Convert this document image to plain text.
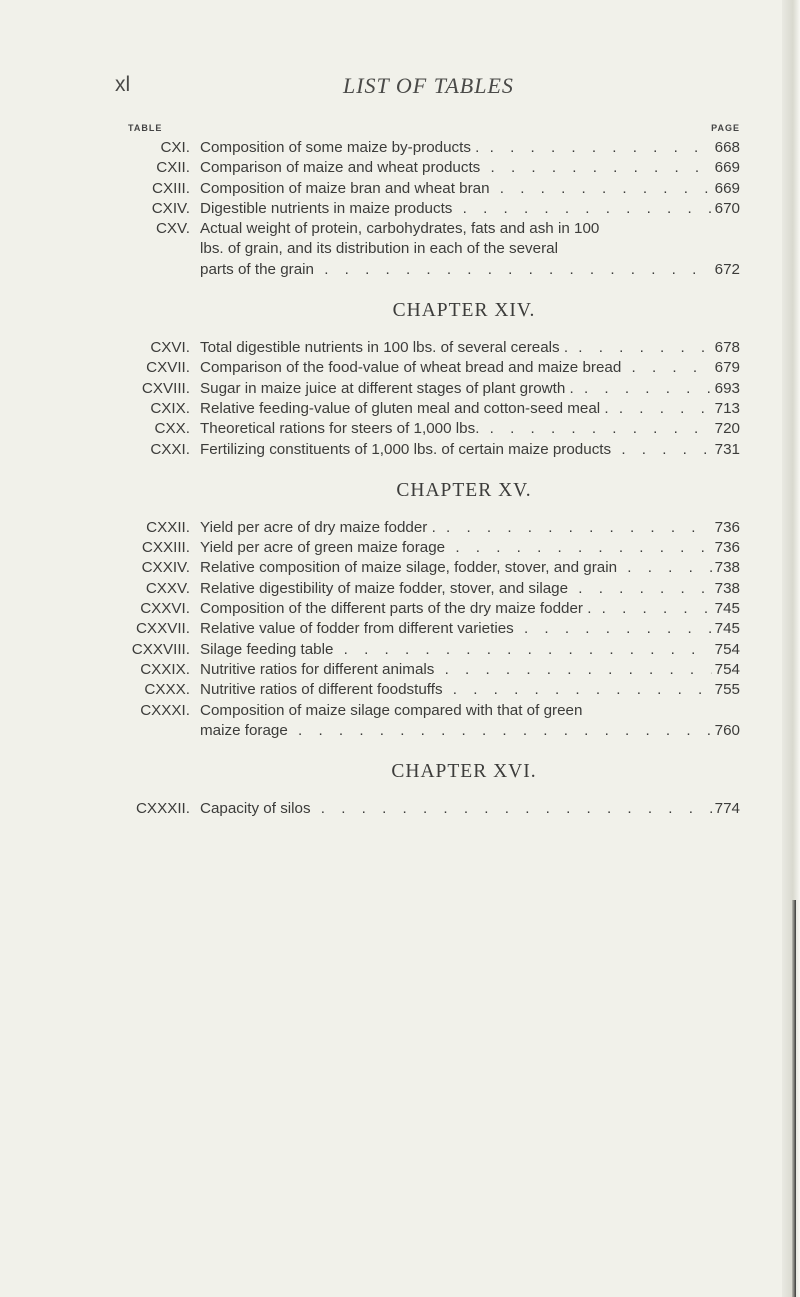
xl	LIST OF TABLES
TABLE	PAGE
CXI. Composition of some maize by-products . . . .	668
CXII. Comparison of maize and wheat products . . .	669
CXIII. Composition of maize bran and wheat bran . . .	669
CXIV. Digestible nutrients in maize products . . .	670
CXV. Actual weight of protein, carbohydrates, fats and ash in 100
lbs. of grain, and its distribution in each of the several
parts of the grain . . .	672
CHAPTER XIV.
CXVI. Total digestible nutrients in 100 lbs. of several cereals . . . .	678
CXVII. Comparison of the food-value of wheat bread and maize bread . . .	679
CXVIII. Sugar in maize juice at different stages of plant growth . . . .	693
CXIX. Relative feeding-value of gluten meal and cotton-seed meal . . . .	713
CXX. Theoretical rations for steers of 1,000 lbs. . . .	720
CXXI. Fertilizing constituents of 1,000 lbs. of certain maize products . . .	731
CHAPTER XV.
CXXII. Yield per acre of dry maize fodder . . . .	736
CXXIII. Yield per acre of green maize forage . . .	736
CXXIV. Relative composition of maize silage, fodder, stover, and grain . . .	738
CXXV. Relative digestibility of maize fodder, stover, and silage . . .	738
CXXVI. Composition of the different parts of the dry maize fodder . . . .	745
CXXVII. Relative value of fodder from different varieties . . .	745
CXXVIII. Silage feeding table . . .	754
CXXIX. Nutritive ratios for different animals . . .	754
CXXX. Nutritive ratios of different foodstuffs . . .	755
CXXXI. Composition of maize silage compared with that of green
maize forage . . .	760
CHAPTER XVI.
CXXXII. Capacity of silos . . .	774
